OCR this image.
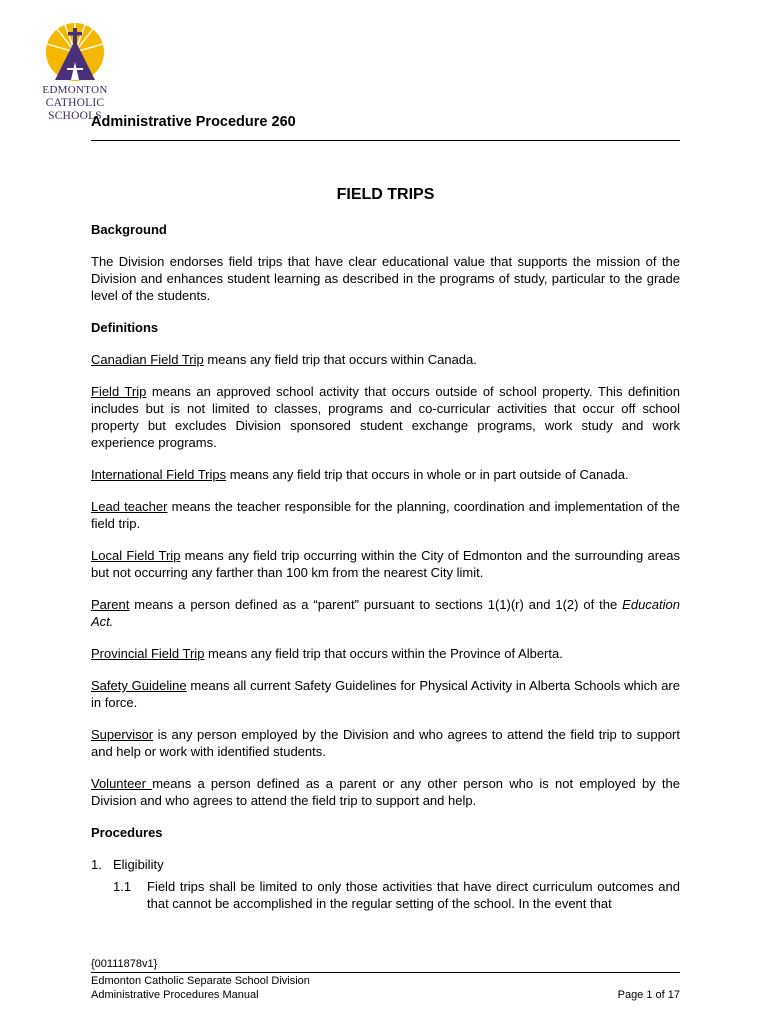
EDMONTON
CATHOLIC SCHOOLS
Administrative Procedure 260
FIELD TRIPS
Background

The Division endorses field trips that have clear educational value that supports the mission of the Division and enhances student learning as described in the programs of study, particular to the grade level of the students.

Definitions

Canadian Field Trip means any field trip that occurs within Canada.

Field Trip means an approved school activity that occurs outside of school property. This definition includes but is not limited to classes, programs and co-curricular activities that occur off school property but excludes Division sponsored student exchange programs, work study and work experience programs.

International Field Trips means any field trip that occurs in whole or in part outside of Canada.

Lead teacher means the teacher responsible for the planning, coordination and implementation of the field trip.

Local Field Trip means any field trip occurring within the City of Edmonton and the surrounding areas but not occurring any farther than 100 km from the nearest City limit.

Parent means a person defined as a “parent” pursuant to sections 1(1)(r) and 1(2) of the Education Act.

Provincial Field Trip means any field trip that occurs within the Province of Alberta.

Safety Guideline means all current Safety Guidelines for Physical Activity in Alberta Schools which are in force.

Supervisor is any person employed by the Division and who agrees to attend the field trip to support and help or work with identified students.

Volunteer means a person defined as a parent or any other person who is not employed by the Division and who agrees to attend the field trip to support and help.

Procedures
1. Eligibility
1.1	Field trips shall be limited to only those activities that have direct curriculum outcomes and that cannot be accomplished in the regular setting of the school. In the event that
{00111878v1}
Edmonton Catholic Separate School Division
Administrative Procedures Manual	Page 1 of 17
